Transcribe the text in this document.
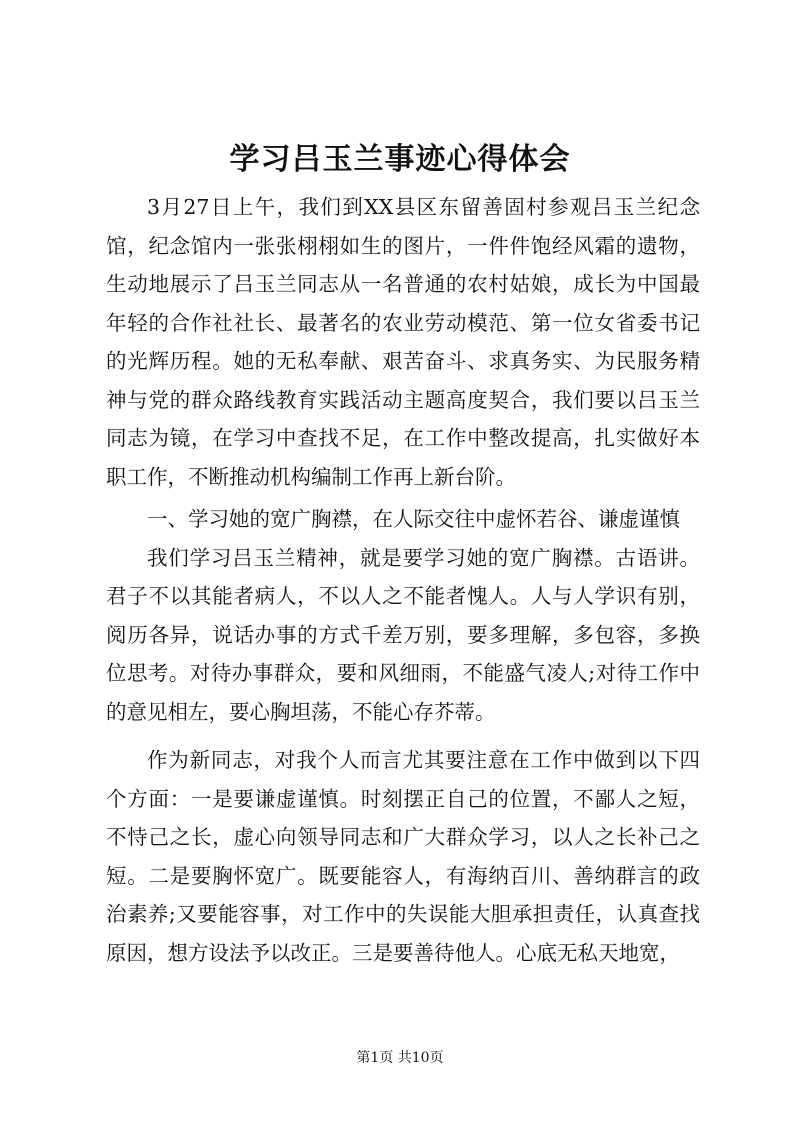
学习吕玉兰事迹心得体会

3月27日上午，我们到XX县区东留善固村参观吕玉兰纪念馆，纪念馆内一张张栩栩如生的图片，一件件饱经风霜的遗物，生动地展示了吕玉兰同志从一名普通的农村姑娘，成长为中国最年轻的合作社社长、最著名的农业劳动模范、第一位女省委书记的光辉历程。她的无私奉献、艰苦奋斗、求真务实、为民服务精神与党的群众路线教育实践活动主题高度契合，我们要以吕玉兰同志为镜，在学习中查找不足，在工作中整改提高，扎实做好本职工作，不断推动机构编制工作再上新台阶。

一、学习她的宽广胸襟，在人际交往中虚怀若谷、谦虚谨慎

我们学习吕玉兰精神，就是要学习她的宽广胸襟。古语讲。君子不以其能者病人，不以人之不能者愧人。人与人学识有别，阅历各异，说话办事的方式千差万别，要多理解，多包容，多换位思考。对待办事群众，要和风细雨，不能盛气凌人;对待工作中的意见相左，要心胸坦荡，不能心存芥蒂。

作为新同志，对我个人而言尤其要注意在工作中做到以下四个方面：一是要谦虚谨慎。时刻摆正自己的位置，不鄙人之短，不恃己之长，虚心向领导同志和广大群众学习，以人之长补己之短。二是要胸怀宽广。既要能容人，有海纳百川、善纳群言的政治素养;又要能容事，对工作中的失误能大胆承担责任，认真查找原因，想方设法予以改正。三是要善待他人。心底无私天地宽，

第1页 共10页
